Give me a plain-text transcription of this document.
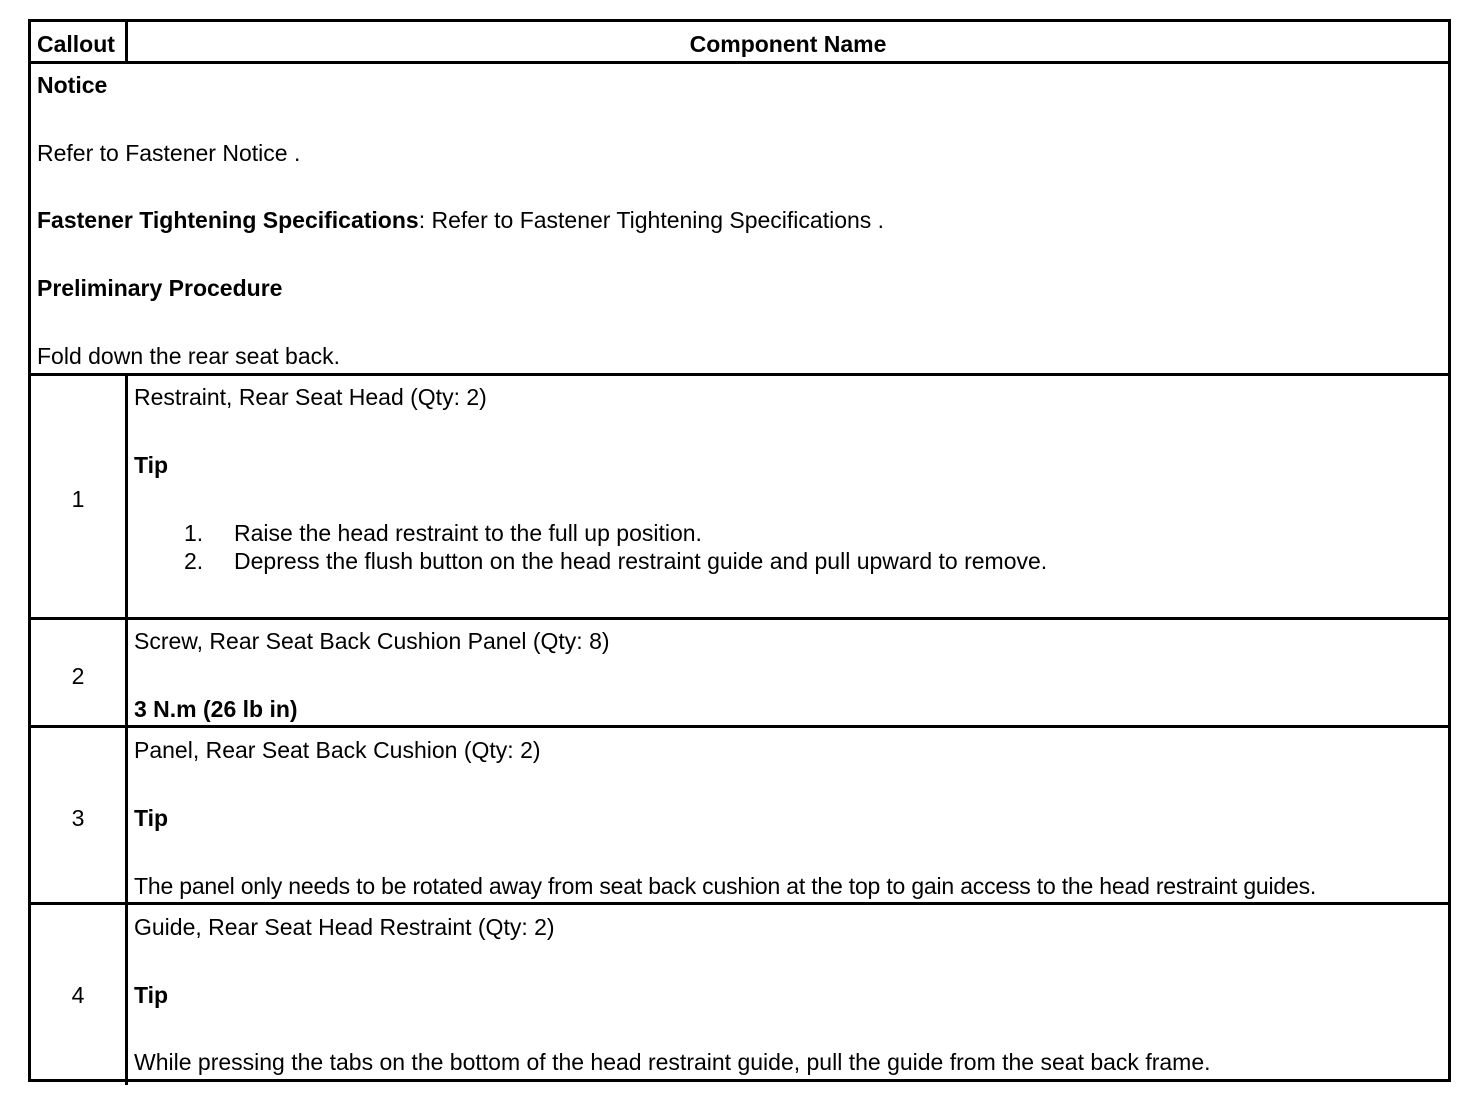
Callout	Component Name
Notice
Refer to Fastener Notice .
Fastener Tightening Specifications: Refer to Fastener Tightening Specifications .
Preliminary Procedure
Fold down the rear seat back.
1
Restraint, Rear Seat Head (Qty: 2)
Tip
1. Raise the head restraint to the full up position.
2. Depress the flush button on the head restraint guide and pull upward to remove.
2
Screw, Rear Seat Back Cushion Panel (Qty: 8)
3 N.m (26 lb in)
3
Panel, Rear Seat Back Cushion (Qty: 2)
Tip
The panel only needs to be rotated away from seat back cushion at the top to gain access to the head restraint guides.
4
Guide, Rear Seat Head Restraint (Qty: 2)
Tip
While pressing the tabs on the bottom of the head restraint guide, pull the guide from the seat back frame.
